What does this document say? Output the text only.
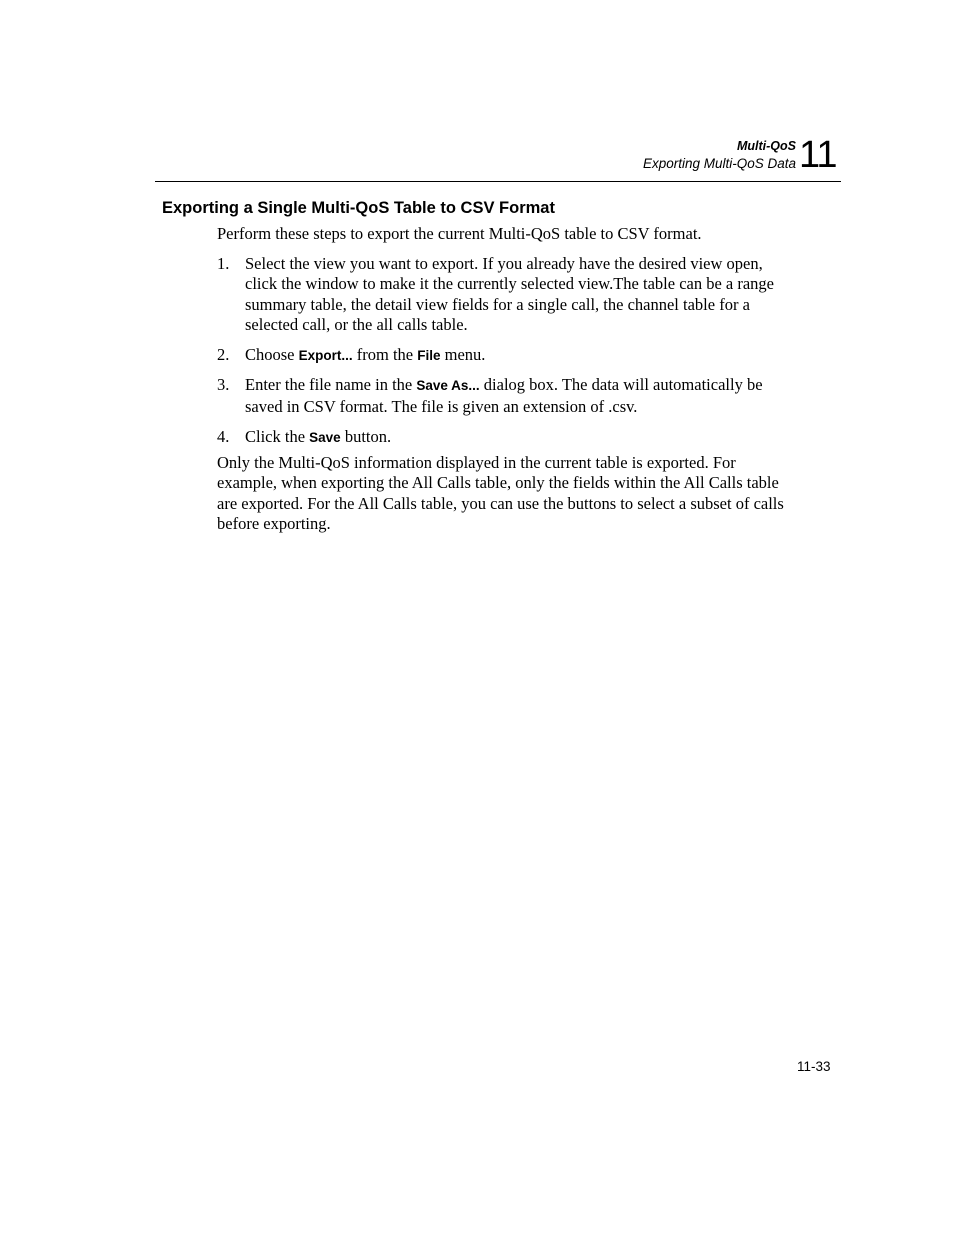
Multi-QoS
Exporting Multi-QoS Data 11
Exporting a Single Multi-QoS Table to CSV Format

Perform these steps to export the current Multi-QoS table to CSV format.

1. Select the view you want to export. If you already have the desired view open, click the window to make it the currently selected view.The table can be a range summary table, the detail view fields for a single call, the channel table for a selected call, or the all calls table.
2. Choose Export... from the File menu.
3. Enter the file name in the Save As... dialog box. The data will automatically be saved in CSV format. The file is given an extension of .csv.
4. Click the Save button.

Only the Multi-QoS information displayed in the current table is exported. For example, when exporting the All Calls table, only the fields within the All Calls table are exported. For the All Calls table, you can use the buttons to select a subset of calls before exporting.

11-33
